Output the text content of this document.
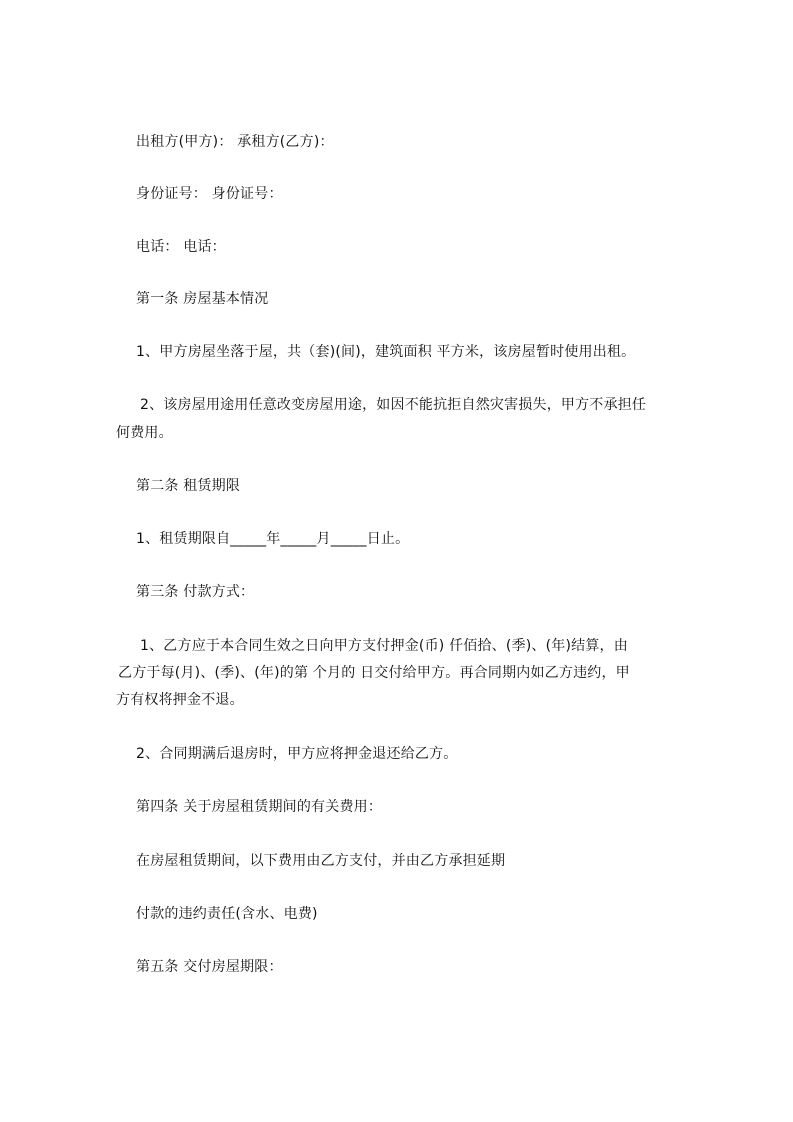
出租方(甲方)： 承租方(乙方)：
身份证号： 身份证号：
电话： 电话：
第一条 房屋基本情况
1、甲方房屋坐落于屋，共（套)(间)，建筑面积 平方米，该房屋暂时使用出租。
2、该房屋用途用任意改变房屋用途，如因不能抗拒自然灾害损失，甲方不承担任
何费用。
第二条 租赁期限
1、租赁期限自_____年_____月_____日止。
第三条 付款方式：
1、乙方应于本合同生效之日向甲方支付押金(币) 仟佰拾、(季)、(年)结算，由
乙方于每(月)、(季)、(年)的第 个月的 日交付给甲方。再合同期内如乙方违约，甲
方有权将押金不退。
2、合同期满后退房时，甲方应将押金退还给乙方。
第四条 关于房屋租赁期间的有关费用：
在房屋租赁期间，以下费用由乙方支付，并由乙方承担延期
付款的违约责任(含水、电费)
第五条 交付房屋期限：
